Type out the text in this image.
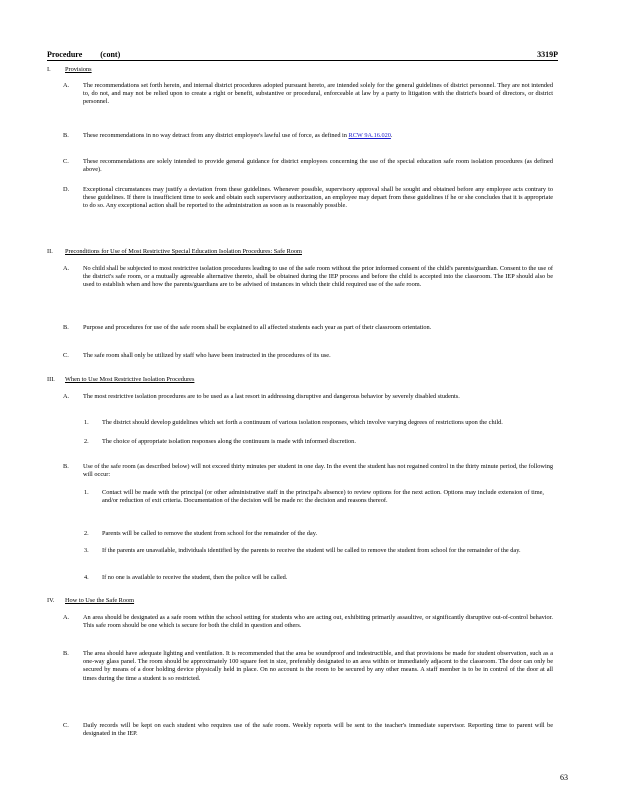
Procedure (cont)	3319P
I.	Provisions
A. The recommendations set forth herein, and internal district procedures adopted pursuant hereto, are intended solely for the general guidelines of district personnel. They are not intended to, do not, and may not be relied upon to create a right or benefit, substantive or procedural, enforceable at law by a party to litigation with the district's board of directors, or district personnel.
B. These recommendations in no way detract from any district employee's lawful use of force, as defined in RCW 9A.16.020.
C. These recommendations are solely intended to provide general guidance for district employees concerning the use of the special education safe room isolation procedures (as defined above).
D. Exceptional circumstances may justify a deviation from these guidelines. Whenever possible, supervisory approval shall be sought and obtained before any employee acts contrary to these guidelines. If there is insufficient time to seek and obtain such supervisory authorization, an employee may depart from these guidelines if he or she concludes that it is appropriate to do so. Any exceptional action shall be reported to the administration as soon as is reasonably possible.
II.	Preconditions for Use of Most Restrictive Special Education Isolation Procedures: Safe Room
A. No child shall be subjected to most restrictive isolation procedures leading to use of the safe room without the prior informed consent of the child's parents/guardian. Consent to the use of the district's safe room, or a mutually agreeable alternative thereto, shall be obtained during the IEP process and before the child is accepted into the classroom. The IEP should also be used to establish when and how the parents/guardians are to be advised of instances in which their child required use of the safe room.
B. Purpose and procedures for use of the safe room shall be explained to all affected students each year as part of their classroom orientation.
C. The safe room shall only be utilized by staff who have been instructed in the procedures of its use.
III.	When to Use Most Restrictive Isolation Procedures
A. The most restrictive isolation procedures are to be used as a last resort in addressing disruptive and dangerous behavior by severely disabled students.
1. The district should develop guidelines which set forth a continuum of various isolation responses, which involve varying degrees of restrictions upon the child.
2. The choice of appropriate isolation responses along the continuum is made with informed discretion.
B. Use of the safe room (as described below) will not exceed thirty minutes per student in one day. In the event the student has not regained control in the thirty minute period, the following will occur:
1. Contact will be made with the principal (or other administrative staff in the principal's absence) to review options for the next action. Options may include extension of time, and/or reduction of exit criteria. Documentation of the decision will be made re: the decision and reasons thereof.
2. Parents will be called to remove the student from school for the remainder of the day.
3. If the parents are unavailable, individuals identified by the parents to receive the student will be called to remove the student from school for the remainder of the day.
4. If no one is available to receive the student, then the police will be called.
IV.	How to Use the Safe Room
A. An area should be designated as a safe room within the school setting for students who are acting out, exhibiting primarily assaultive, or significantly disruptive out-of-control behavior. This safe room should be one which is secure for both the child in question and others.
B. The area should have adequate lighting and ventilation. It is recommended that the area be soundproof and indestructible, and that provisions be made for student observation, such as a one-way glass panel. The room should be approximately 100 square feet in size, preferably designated to an area within or immediately adjacent to the classroom. The door can only be secured by means of a door holding device physically held in place. On no account is the room to be secured by any other means. A staff member is to be in control of the door at all times during the time a student is so restricted.
C. Daily records will be kept on each student who requires use of the safe room. Weekly reports will be sent to the teacher's immediate supervisor. Reporting time to parent will be designated in the IEP.
63
